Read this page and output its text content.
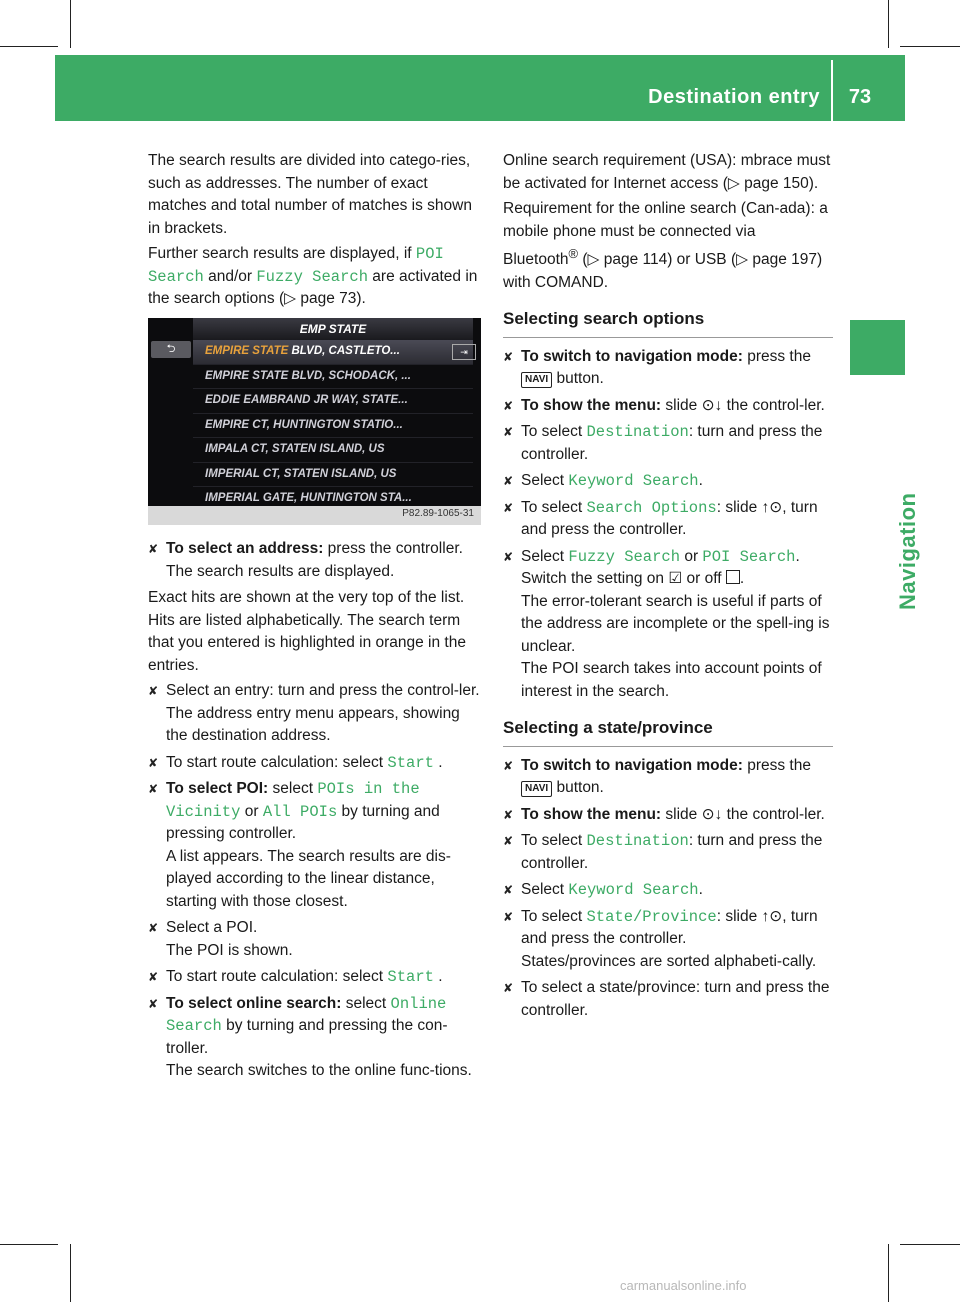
Destination entry	73
Navigation

The search results are divided into catego-ries, such as addresses. The number of exact matches and total number of matches is shown in brackets.

Further search results are displayed, if POI Search and/or Fuzzy Search are activated in the search options (▷ page 73).

EMP STATE
⮌	EMPIRE STATE BLVD, CASTLETO...
EMPIRE STATE BLVD, SCHODACK, ...
EDDIE EAMBRAND JR WAY, STATE...
EMPIRE CT, HUNTINGTON STATIO...
IMPALA CT, STATEN ISLAND, US
IMPERIAL CT, STATEN ISLAND, US
IMPERIAL GATE, HUNTINGTON STA...
⇥
P82.89-1065-31
✘ To select an address: press the controller.
The search results are displayed.

Exact hits are shown at the very top of the list. Hits are listed alphabetically. The search term that you entered is highlighted in orange in the entries.

✘ Select an entry: turn and press the control-ler.
The address entry menu appears, showing the destination address.
✘ To start route calculation: select Start .
✘ To select POI: select POIs in the Vicinity or All POIs by turning and pressing controller.
A list appears. The search results are dis-played according to the linear distance, starting with those closest.
✘ Select a POI.
The POI is shown.
✘ To start route calculation: select Start .
✘ To select online search: select Online Search by turning and pressing the con-troller.
The search switches to the online func-tions.

Online search requirement (USA): mbrace must be activated for Internet access (▷ page 150).

Requirement for the online search (Can-ada): a mobile phone must be connected via Bluetooth® (▷ page 114) or USB (▷ page 197) with COMAND.

Selecting search options
✘ To switch to navigation mode: press the NAVI button.
✘ To show the menu: slide ⊙↓ the control-ler.
✘ To select Destination: turn and press the controller.
✘ Select Keyword Search.
✘ To select Search Options: slide ↑⊙, turn and press the controller.
✘ Select Fuzzy Search or POI Search.
Switch the setting on ☑ or off .
The error-tolerant search is useful if parts of the address are incomplete or the spell-ing is unclear.
The POI search takes into account points of interest in the search.
Selecting a state/province
✘ To switch to navigation mode: press the NAVI button.
✘ To show the menu: slide ⊙↓ the control-ler.
✘ To select Destination: turn and press the controller.
✘ Select Keyword Search.
✘ To select State/Province: slide ↑⊙, turn and press the controller.
States/provinces are sorted alphabeti-cally.
✘ To select a state/province: turn and press the controller.
carmanualsonline.info
